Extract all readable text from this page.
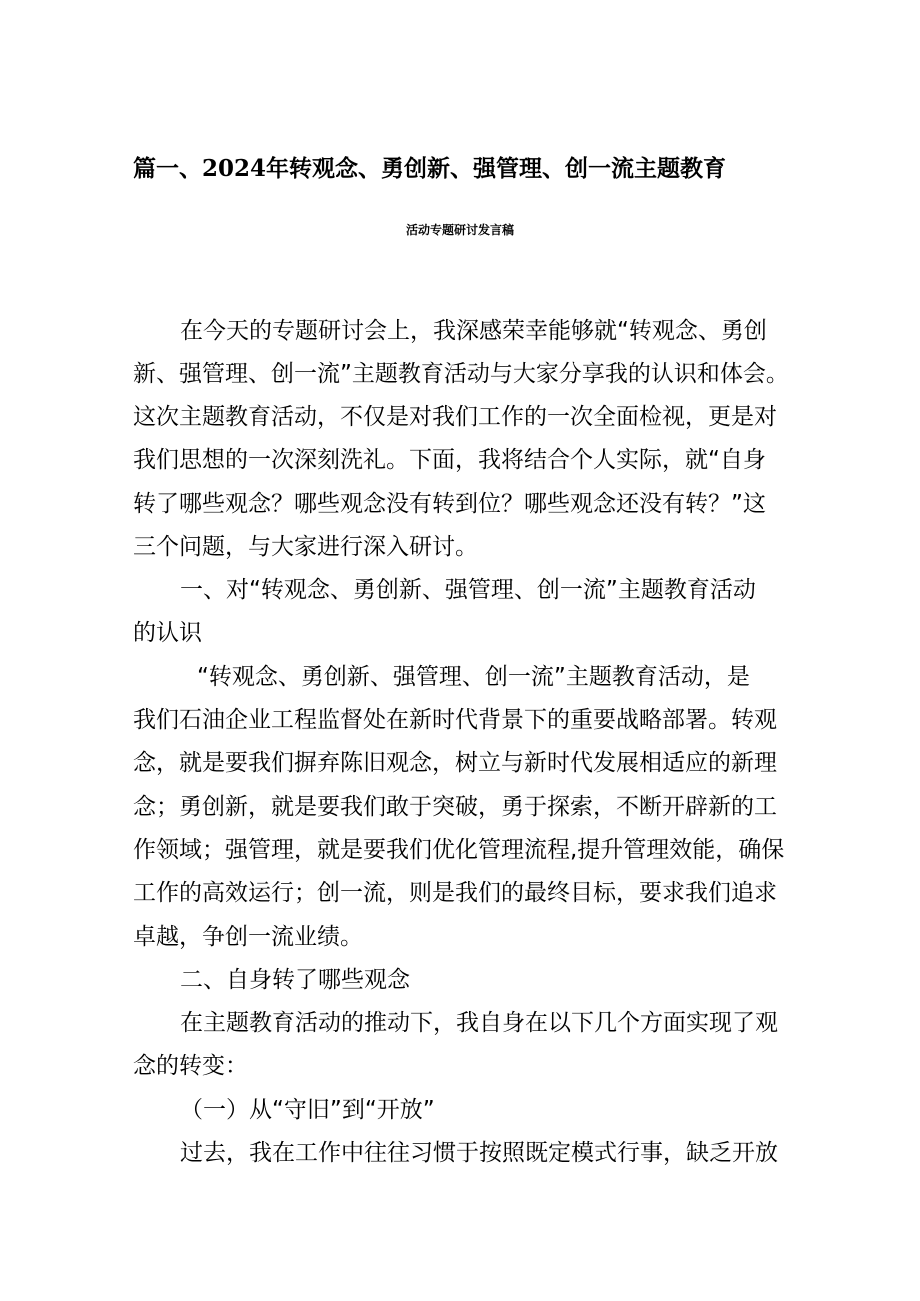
篇一、2024年转观念、勇创新、强管理、创一流主题教育
活动专题研讨发言稿
在今天的专题研讨会上，我深感荣幸能够就“转观念、勇创
新、强管理、创一流”主题教育活动与大家分享我的认识和体会。
这次主题教育活动，不仅是对我们工作的一次全面检视，更是对
我们思想的一次深刻洗礼。下面，我将结合个人实际，就“自身
转了哪些观念？哪些观念没有转到位？哪些观念还没有转？”这
三个问题，与大家进行深入研讨。
一、对“转观念、勇创新、强管理、创一流”主题教育活动
的认识
“转观念、勇创新、强管理、创一流”主题教育活动，是
我们石油企业工程监督处在新时代背景下的重要战略部署。转观
念，就是要我们摒弃陈旧观念，树立与新时代发展相适应的新理
念；勇创新，就是要我们敢于突破，勇于探索，不断开辟新的工
作领域；强管理，就是要我们优化管理流程,提升管理效能，确保
工作的高效运行；创一流，则是我们的最终目标，要求我们追求
卓越，争创一流业绩。
二、自身转了哪些观念
在主题教育活动的推动下，我自身在以下几个方面实现了观
念的转变：
（一）从“守旧”到“开放”
过去，我在工作中往往习惯于按照既定模式行事，缺乏开放
